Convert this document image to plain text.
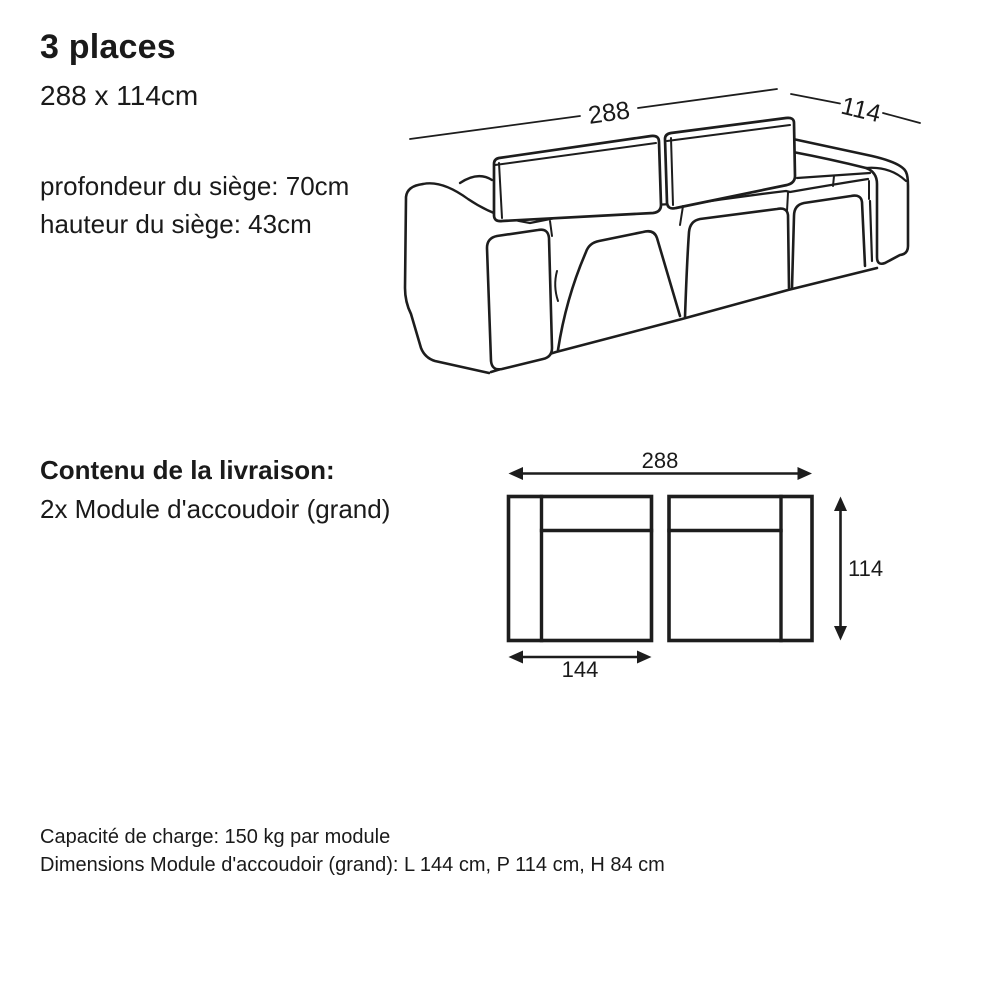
3 places
288 x 114cm
profondeur du siège: 70cm
hauteur du siège: 43cm
288	114
Contenu de la livraison:
2x Module d'accoudoir (grand)
288
114
144
Capacité de charge: 150 kg par module
Dimensions Module d'accoudoir (grand): L 144 cm, P 114 cm, H 84 cm
